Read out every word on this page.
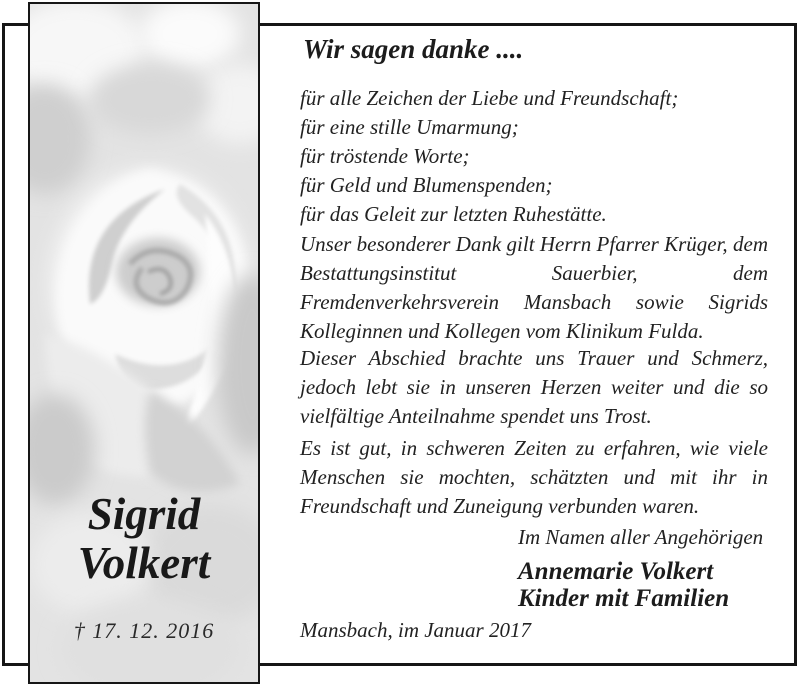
Sigrid
Volkert
† 17. 12. 2016
Wir sagen danke ....
für alle Zeichen der Liebe und Freundschaft;
für eine stille Umarmung;
für tröstende Worte;
für Geld und Blumenspenden;
für das Geleit zur letzten Ruhestätte.

Unser besonderer Dank gilt Herrn Pfarrer Krüger, dem Bestattungsinstitut Sauerbier, dem Fremdenverkehrsverein Mansbach sowie Sigrids Kolleginnen und Kollegen vom Klinikum Fulda.

Dieser Abschied brachte uns Trauer und Schmerz, jedoch lebt sie in unseren Herzen weiter und die so vielfältige Anteilnahme spendet uns Trost.

Es ist gut, in schweren Zeiten zu erfahren, wie viele Menschen sie mochten, schätzten und mit ihr in Freundschaft und Zuneigung verbunden waren.

Im Namen aller Angehörigen
Annemarie Volkert
Kinder mit Familien
Mansbach, im Januar 2017
